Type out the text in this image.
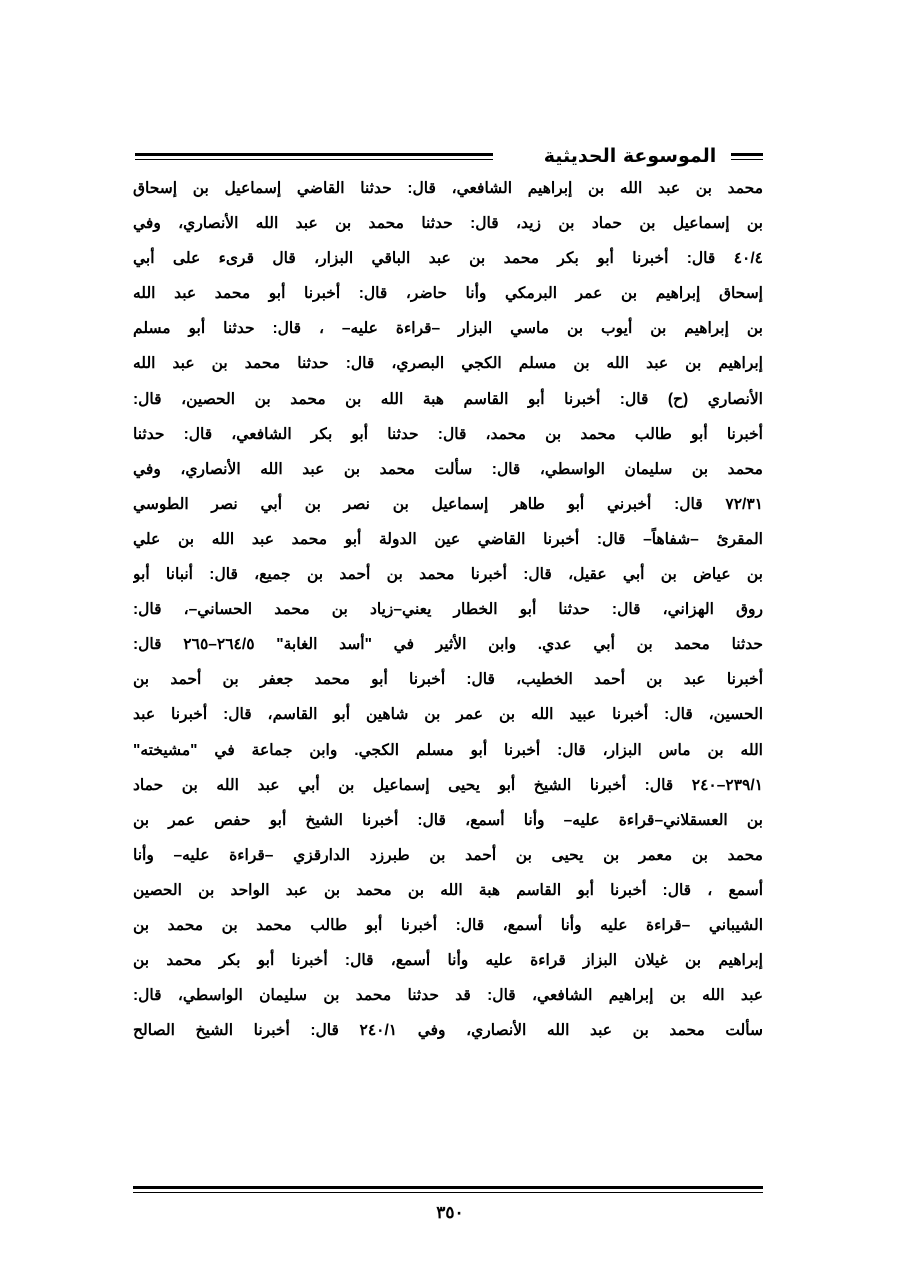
الموسوعة الحديثية
محمد بن عبد الله بن إبراهيم الشافعي، قال: حدثنا القاضي إسماعيل بن إسحاق
بن إسماعيل بن حماد بن زيد، قال: حدثنا محمد بن عبد الله الأنصاري، وفي
٤٠/٤ قال: أخبرنا أبو بكر محمد بن عبد الباقي البزار، قال قرىء على أبي
إسحاق إبراهيم بن عمر البرمكي وأنا حاضر، قال: أخبرنا أبو محمد عبد الله
بن إبراهيم بن أيوب بن ماسي البزار –قراءة عليه– ، قال: حدثنا أبو مسلم
إبراهيم بن عبد الله بن مسلم الكجي البصري، قال: حدثنا محمد بن عبد الله
الأنصاري (ح) قال: أخبرنا أبو القاسم هبة الله بن محمد بن الحصين، قال:
أخبرنا أبو طالب محمد بن محمد، قال: حدثنا أبو بكر الشافعي، قال: حدثنا
محمد بن سليمان الواسطي، قال: سألت محمد بن عبد الله الأنصاري، وفي
٧٢/٣١ قال: أخبرني أبو طاهر إسماعيل بن نصر بن أبي نصر الطوسي
المقرئ –شفاهاً– قال: أخبرنا القاضي عين الدولة أبو محمد عبد الله بن علي
بن عياض بن أبي عقيل، قال: أخبرنا محمد بن أحمد بن جميع، قال: أنبانا أبو
روق الهزاني، قال: حدثنا أبو الخطار يعني–زياد بن محمد الحساني–، قال:
حدثنا محمد بن أبي عدي. وابن الأثير في "أسد الغابة" ٢٦٤/٥–٢٦٥ قال:
أخبرنا عبد بن أحمد الخطيب، قال: أخبرنا أبو محمد جعفر بن أحمد بن
الحسين، قال: أخبرنا عبيد الله بن عمر بن شاهين أبو القاسم، قال: أخبرنا عبد
الله بن ماس البزار، قال: أخبرنا أبو مسلم الكجي. وابن جماعة في "مشيخته"
٢٣٩/١–٢٤٠ قال: أخبرنا الشيخ أبو يحيى إسماعيل بن أبي عبد الله بن حماد
بن العسقلاني–قراءة عليه– وأنا أسمع، قال: أخبرنا الشيخ أبو حفص عمر بن
محمد بن معمر بن يحيى بن أحمد بن طبرزد الدارقزي –قراءة عليه– وأنا
أسمع ، قال: أخبرنا أبو القاسم هبة الله بن محمد بن عبد الواحد بن الحصين
الشيباني –قراءة عليه وأنا أسمع، قال: أخبرنا أبو طالب محمد بن محمد بن
إبراهيم بن غيلان البزاز قراءة عليه وأنا أسمع، قال: أخبرنا أبو بكر محمد بن
عبد الله بن إبراهيم الشافعي، قال: قد حدثنا محمد بن سليمان الواسطي، قال:
سألت محمد بن عبد الله الأنصاري، وفي ٢٤٠/١ قال: أخبرنا الشيخ الصالح
٣٥٠
